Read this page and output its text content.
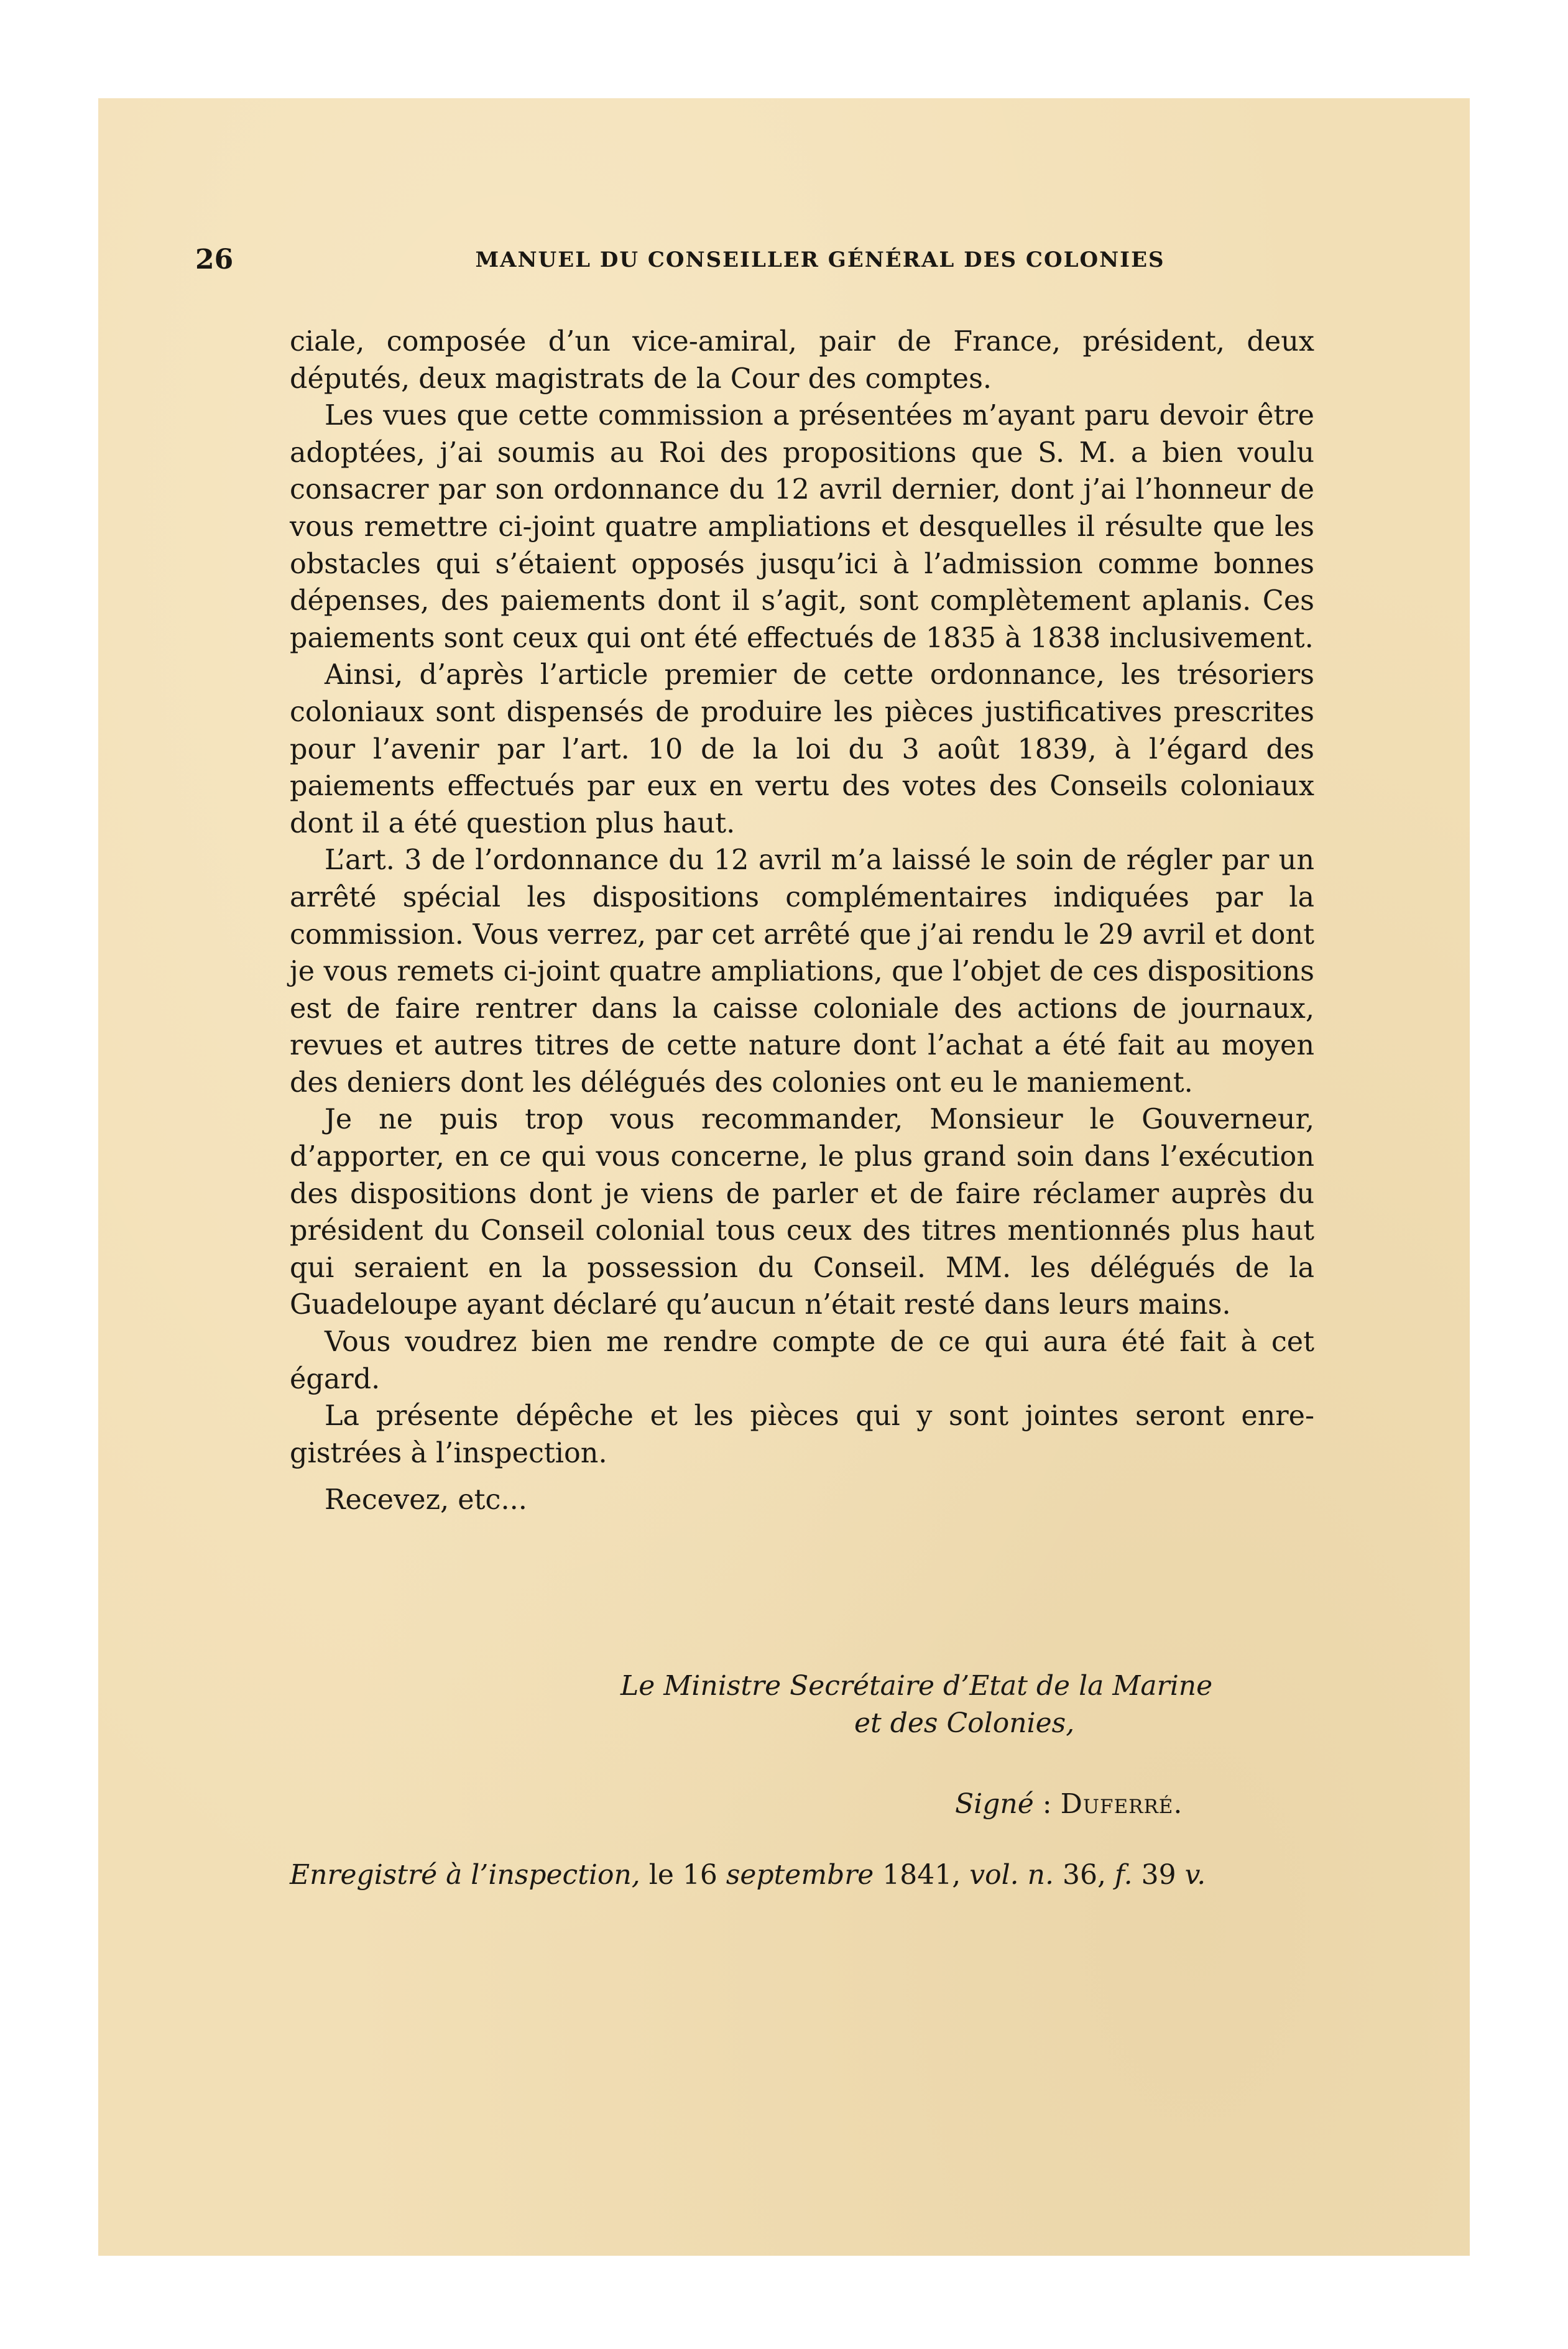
26	MANUEL DU CONSEILLER GÉNÉRAL DES COLONIES

ciale, composée d’un vice-amiral, pair de France, président, deux députés, deux magistrats de la Cour des comptes.

Les vues que cette commission a présentées m’ayant paru devoir être adoptées, j’ai soumis au Roi des propositions que S. M. a bien voulu consacrer par son ordonnance du 12 avril dernier, dont j’ai l’honneur de vous remettre ci-joint quatre ampliations et desquelles il résulte que les obstacles qui s’étaient opposés jusqu’ici à l’admission comme bonnes dépenses, des paiements dont il s’agit, sont complètement aplanis. Ces paiements sont ceux qui ont été effectués de 1835 à 1838 inclusivement.

Ainsi, d’après l’article premier de cette ordonnance, les trésoriers coloniaux sont dispensés de produire les pièces justificatives prescrites pour l’avenir par l’art. 10 de la loi du 3 août 1839, à l’égard des paiements effectués par eux en vertu des votes des Conseils coloniaux dont il a été question plus haut.

L’art. 3 de l’ordonnance du 12 avril m’a laissé le soin de régler par un arrêté spécial les dispositions complémentaires indiquées par la commission. Vous verrez, par cet arrêté que j’ai rendu le 29 avril et dont je vous remets ci-joint quatre ampliations, que l’objet de ces dispositions est de faire rentrer dans la caisse coloniale des actions de journaux, revues et autres titres de cette nature dont l’achat a été fait au moyen des deniers dont les délégués des colonies ont eu le maniement.

Je ne puis trop vous recommander, Monsieur le Gouverneur, d’apporter, en ce qui vous concerne, le plus grand soin dans l’exécution des dispositions dont je viens de parler et de faire réclamer auprès du président du Conseil colonial tous ceux des titres mentionnés plus haut qui seraient en la possession du Conseil. MM. les délégués de la Guadeloupe ayant déclaré qu’aucun n’était resté dans leurs mains.

Vous voudrez bien me rendre compte de ce qui aura été fait à cet égard.

La présente dépêche et les pièces qui y sont jointes seront enregistrées à l’inspection.

Recevez, etc...

Le Ministre Secrétaire d’Etat de la Marine
et des Colonies,
Signé : Duferré.
Enregistré à l’inspection, le 16 septembre 1841, vol. n. 36, f. 39 v.
